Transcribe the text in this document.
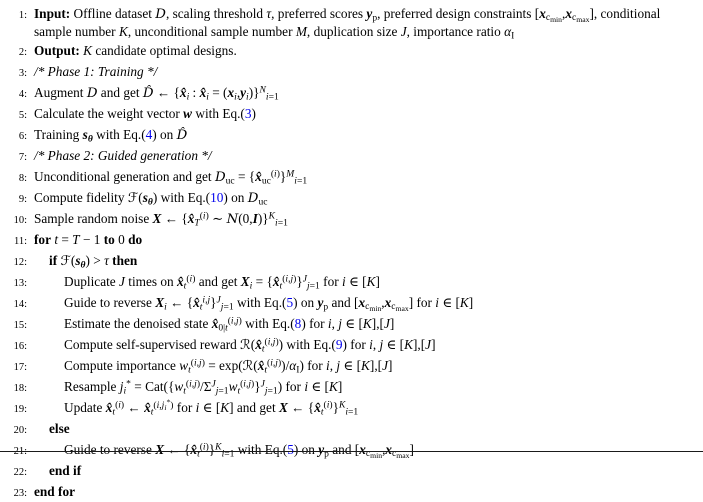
1: Input: Offline dataset D, scaling threshold τ, preferred scores $y_p$, preferred design constraints $[x_{c_{min}},x_{c_{max}}]$, conditional sample number K, unconditional sample number M, duplication size J, importance ratio $\alpha_I$
2: Output: K candidate optimal designs.
3: /* Phase 1: Training */
4: Augment D and get D̂ ← {$x̂_i$ : $x̂_i = (x_i,y_i)\}^N_{i=1}$
5: Calculate the weight vector w with Eq.(3)
6: Training $s_\theta$ with Eq.(4) on D̂
7: /* Phase 2: Guided generation */
8: Unconditional generation and get $D_{uc}$ = $\{x̂_{uc}^{(i)}\}^M_{i=1}$
9: Compute fidelity $ℱ(s_\theta)$ with Eq.(10) on $D_{uc}$
10: Sample random noise X ← {$x̂_T^{(i)}$ ∼ N(0,I)}$^K_{i=1}$
11: for t = T − 1 to 0 do
12:	if $ℱ(s_\theta) > \tau$ then
13:	Duplicate J times on $x̂_t^{(i)}$ and get $X_i$ = $\{x̂_t^{(i,j)}\}^J_{j=1}$ for i ∈ [K]
14:	Guide to reverse $X_i$ ← $\{x̂_t^{i,j}\}^J_{j=1}$ with Eq.(5) on $y_p$ and $[x_{c_{min}},x_{c_{max}}]$ for i ∈ [K]
15:	Estimate the denoised state $x̂_{0|t}^{(i,j)}$ with Eq.(8) for i, j ∈ [K],[J]
16:	Compute self-supervised reward $ℛ(x̂_t^{(i,j)})$ with Eq.(9) for i, j ∈ [K],[J]
17:	Compute importance $w_t^{(i,j)}$ = $\exp(ℛ(x̂_t^{(i,j)})/\alpha_I)$ for i, j ∈ [K],[J]
18:	Resample $j_i^* = Cat(\{w_t^{(i,j)}/\Sigma^J_{j=1}w_t^{(i,j)}\}^J_{j=1})$ for i ∈ [K]
19:	Update $x̂_t^{(i)}$ ← $x̂_t^{(i,j_i^*)}$ for i ∈ [K] and get X ← $\{x̂_t^{(i)}\}^K_{i=1}$
20:	else
21:	Guide to reverse X ← $\{x̂_t^{(i)}\}^K_{i=1}$ with Eq.(5) on $y_p$ and $[x_{c_{min}},x_{c_{max}}]$
22:	end if
23: end for
